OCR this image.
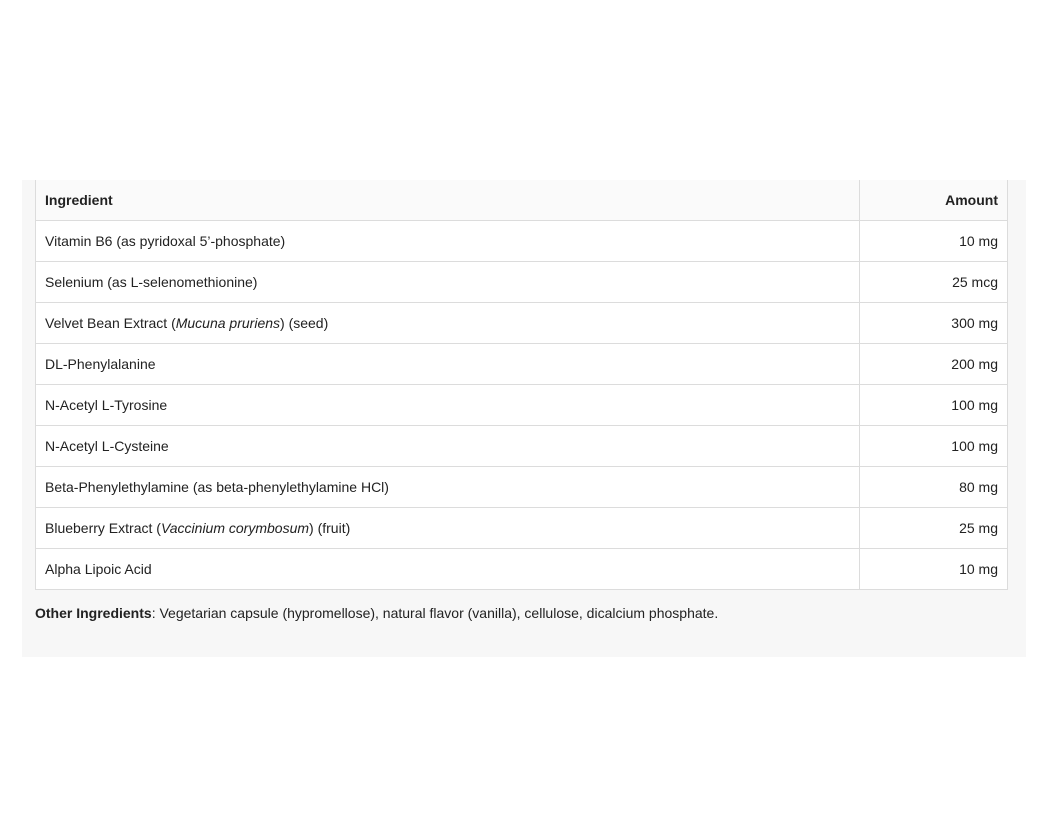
Ingredient	Amount
Vitamin B6 (as pyridoxal 5’-phosphate)	10 mg
Selenium (as L-selenomethionine)	25 mcg
Velvet Bean Extract (Mucuna pruriens) (seed)	300 mg
DL-Phenylalanine	200 mg
N-Acetyl L-Tyrosine	100 mg
N-Acetyl L-Cysteine	100 mg
Beta-Phenylethylamine (as beta-phenylethylamine HCl)	80 mg
Blueberry Extract (Vaccinium corymbosum) (fruit)	25 mg
Alpha Lipoic Acid	10 mg
Other Ingredients: Vegetarian capsule (hypromellose), natural flavor (vanilla), cellulose, dicalcium phosphate.
